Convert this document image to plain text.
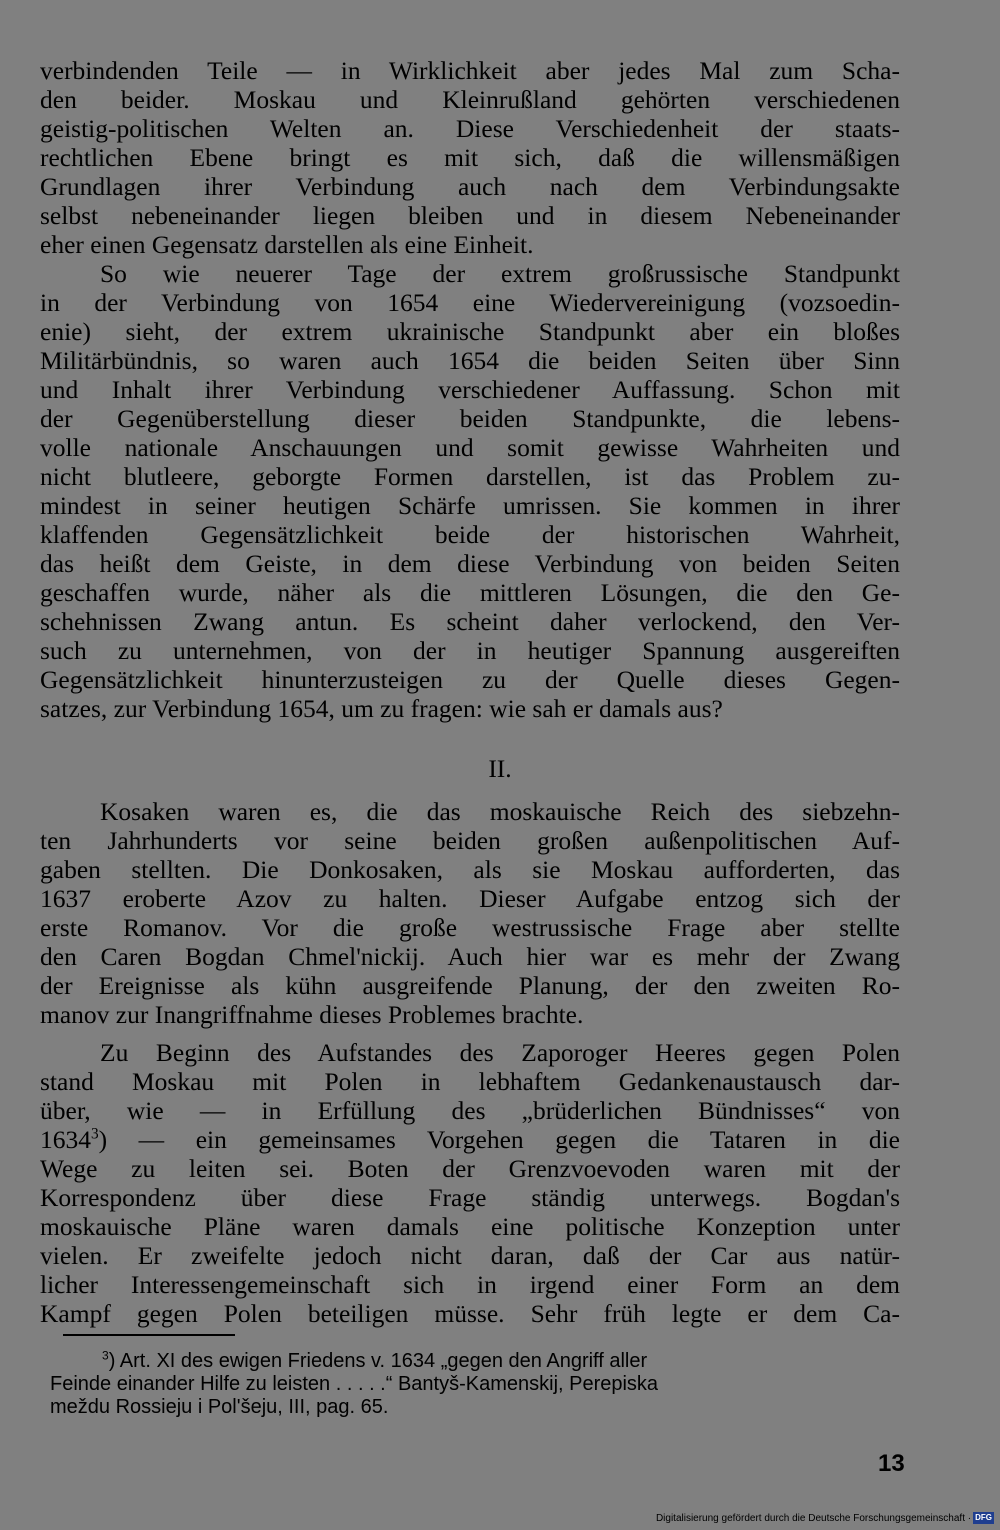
verbindenden Teile — in Wirklichkeit aber jedes Mal zum Scha-
den beider. Moskau und Kleinrußland gehörten verschiedenen
geistig-politischen Welten an. Diese Verschiedenheit der staats-
rechtlichen Ebene bringt es mit sich, daß die willensmäßigen
Grundlagen ihrer Verbindung auch nach dem Verbindungsakte
selbst nebeneinander liegen bleiben und in diesem Nebeneinander
eher einen Gegensatz darstellen als eine Einheit.
So wie neuerer Tage der extrem großrussische Standpunkt
in der Verbindung von 1654 eine Wiedervereinigung (vozsoedin-
enie) sieht, der extrem ukrainische Standpunkt aber ein bloßes
Militärbündnis, so waren auch 1654 die beiden Seiten über Sinn
und Inhalt ihrer Verbindung verschiedener Auffassung. Schon mit
der Gegenüberstellung dieser beiden Standpunkte, die lebens-
volle nationale Anschauungen und somit gewisse Wahrheiten und
nicht blutleere, geborgte Formen darstellen, ist das Problem zu-
mindest in seiner heutigen Schärfe umrissen. Sie kommen in ihrer
klaffenden Gegensätzlichkeit beide der historischen Wahrheit,
das heißt dem Geiste, in dem diese Verbindung von beiden Seiten
geschaffen wurde, näher als die mittleren Lösungen, die den Ge-
schehnissen Zwang antun. Es scheint daher verlockend, den Ver-
such zu unternehmen, von der in heutiger Spannung ausgereiften
Gegensätzlichkeit hinunterzusteigen zu der Quelle dieses Gegen-
satzes, zur Verbindung 1654, um zu fragen: wie sah er damals aus?
II.
Kosaken waren es, die das moskauische Reich des siebzehn-
ten Jahrhunderts vor seine beiden großen außenpolitischen Auf-
gaben stellten. Die Donkosaken, als sie Moskau aufforderten, das
1637 eroberte Azov zu halten. Dieser Aufgabe entzog sich der
erste Romanov. Vor die große westrussische Frage aber stellte
den Caren Bogdan Chmel'nickij. Auch hier war es mehr der Zwang
der Ereignisse als kühn ausgreifende Planung, der den zweiten Ro-
manov zur Inangriffnahme dieses Problemes brachte.
Zu Beginn des Aufstandes des Zaporoger Heeres gegen Polen
stand Moskau mit Polen in lebhaftem Gedankenaustausch dar-
über, wie — in Erfüllung des „brüderlichen Bündnisses“ von
1634$^3$) — ein gemeinsames Vorgehen gegen die Tataren in die
Wege zu leiten sei. Boten der Grenzvoevoden waren mit der
Korrespondenz über diese Frage ständig unterwegs. Bogdan's
moskauische Pläne waren damals eine politische Konzeption unter
vielen. Er zweifelte jedoch nicht daran, daß der Car aus natür-
licher Interessengemeinschaft sich in irgend einer Form an dem
Kampf gegen Polen beteiligen müsse. Sehr früh legte er dem Ca-
$^3$) Art. XI des ewigen Friedens v. 1634 „gegen den Angriff aller
Feinde einander Hilfe zu leisten . . . . .“ Bantyš-Kamenskij, Perepiska
meždu Rossieju i Pol'šeju, III, pag. 65.
13
Digitalisierung gefördert durch die Deutsche Forschungsgemeinschaft · DFG
